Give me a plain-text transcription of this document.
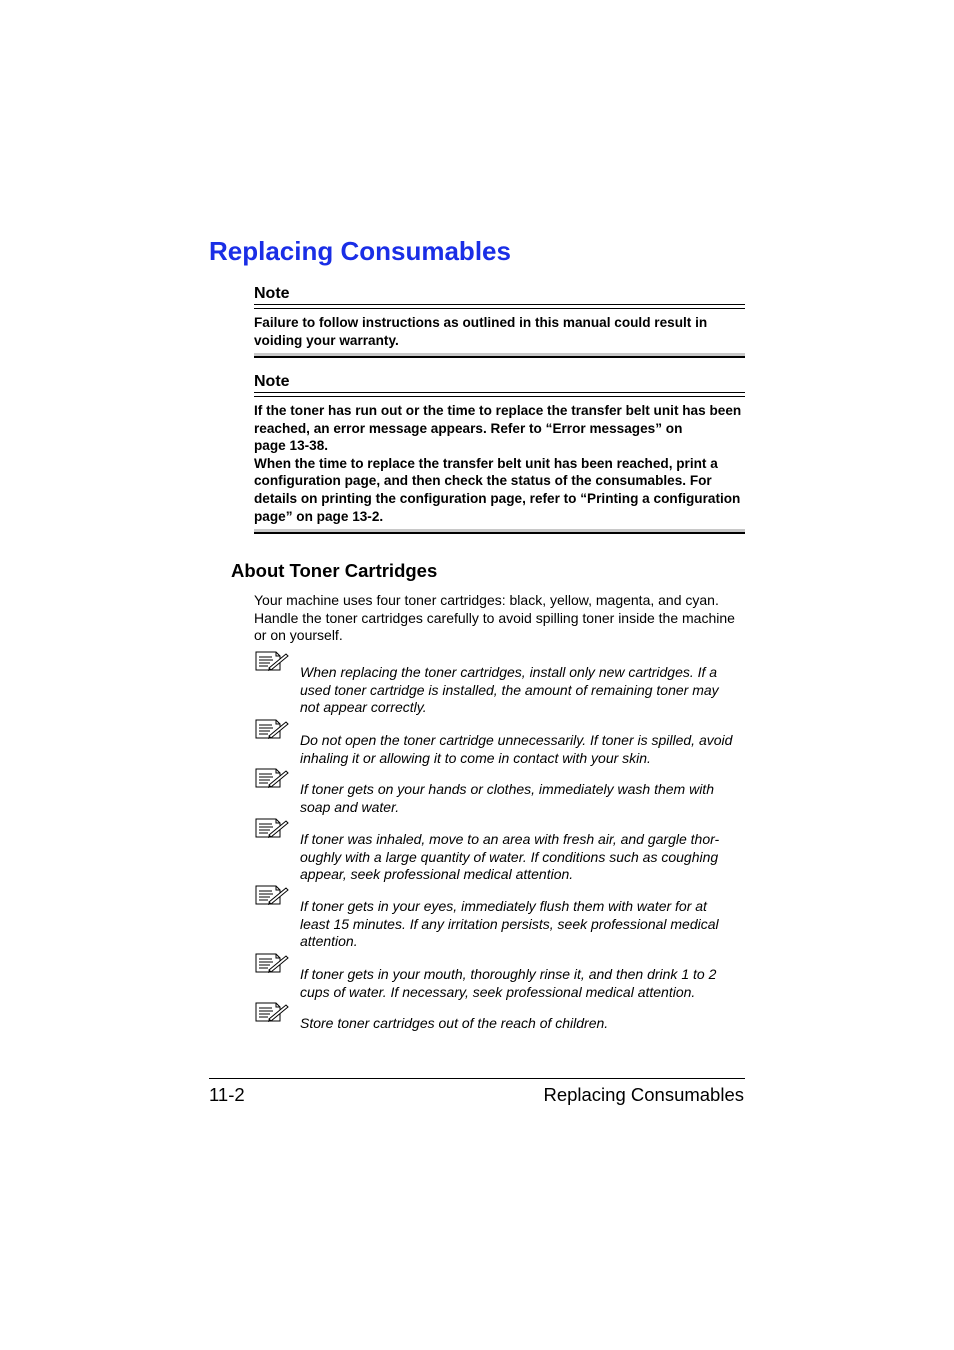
Replacing Consumables
Note
Failure to follow instructions as outlined in this manual could result in
voiding your warranty.
Note
If the toner has run out or the time to replace the transfer belt unit has been
reached, an error message appears. Refer to “Error messages” on
page 13-38.
When the time to replace the transfer belt unit has been reached, print a
configuration page, and then check the status of the consumables. For
details on printing the configuration page, refer to “Printing a configuration
page” on page 13-2.
About Toner Cartridges
Your machine uses four toner cartridges: black, yellow, magenta, and cyan.
Handle the toner cartridges carefully to avoid spilling toner inside the machine
or on yourself.
When replacing the toner cartridges, install only new cartridges. If a
used toner cartridge is installed, the amount of remaining toner may
not appear correctly.
Do not open the toner cartridge unnecessarily. If toner is spilled, avoid
inhaling it or allowing it to come in contact with your skin.
If toner gets on your hands or clothes, immediately wash them with
soap and water.
If toner was inhaled, move to an area with fresh air, and gargle thor-
oughly with a large quantity of water. If conditions such as coughing
appear, seek professional medical attention.
If toner gets in your eyes, immediately flush them with water for at
least 15 minutes. If any irritation persists, seek professional medical
attention.
If toner gets in your mouth, thoroughly rinse it, and then drink 1 to 2
cups of water. If necessary, seek professional medical attention.
Store toner cartridges out of the reach of children.
11-2	Replacing Consumables
